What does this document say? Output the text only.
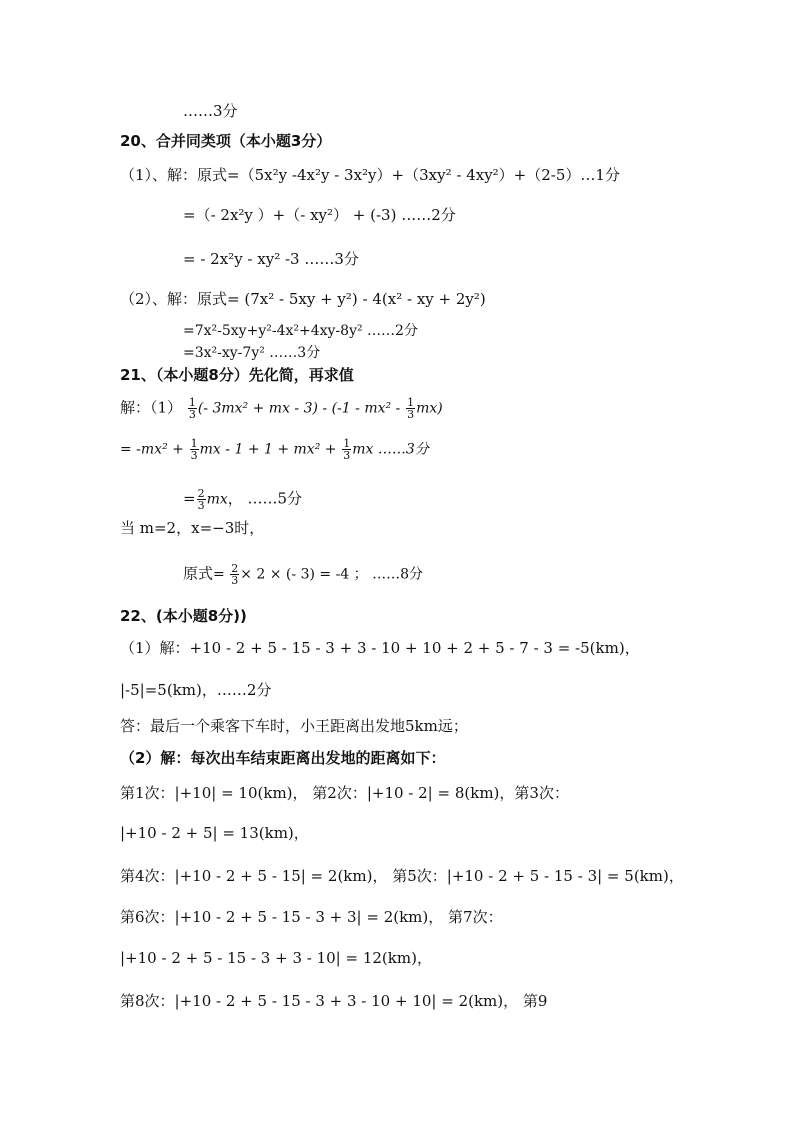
……3分
20、合并同类项（本小题3分）
（1）、解：原式=（5x²y -4x²y - 3x²y）+（3xy² - 4xy²）+（2-5）…1分
=（- 2x²y ）+（- xy²） + (-3) ……2分
= - 2x²y - xy² -3 ……3分
（2）、解：原式= (7x² - 5xy + y²) - 4(x² - xy + 2y²)
=7x²-5xy+y²-4x²+4xy-8y² ……2分
=3x²-xy-7y² ……3分
21、（本小题8分）先化简，再求值
解：$(1) \frac{1}{3}$ (- 3mx² + mx - $3) - (-1 - mx^2 - \frac{1}{3} mx)$
= $-mx^2 + \frac{1}{3}$ mx - $1 + 1 + mx^2 + \frac{1}{3}$ mx ……3分
= $\frac{2}{3}$ mx， ……5分
当 m=2，x=−3时，
原式= $\frac{2}{3} \times 2$ × (- 3) = -4 ； ……8分
22、(本小题8分))
（1）解：+10 - 2 + 5 - 15 - 3 + 3 - 10 + 10 + 2 + 5 - 7 - 3 = -5(km)，
|-5|=5(km)，……2分
答：最后一个乘客下车时，小王距离出发地5km远；
（2）解：每次出车结束距离出发地的距离如下：
第1次：|+10| = 10(km)， 第2次：|+10 - 2| = 8(km)，第3次：
|+10 - 2 + 5| = 13(km)，
第4次：|+10 - 2 + 5 - 15| = 2(km)， 第5次：|+10 - 2 + 5 - 15 - 3| = 5(km)，
第6次：|+10 - 2 + 5 - 15 - 3 + 3| = 2(km)， 第7次：
|+10 - 2 + 5 - 15 - 3 + 3 - 10| = 12(km)，
第8次：|+10 - 2 + 5 - 15 - 3 + 3 - 10 + 10| = 2(km)， 第9
